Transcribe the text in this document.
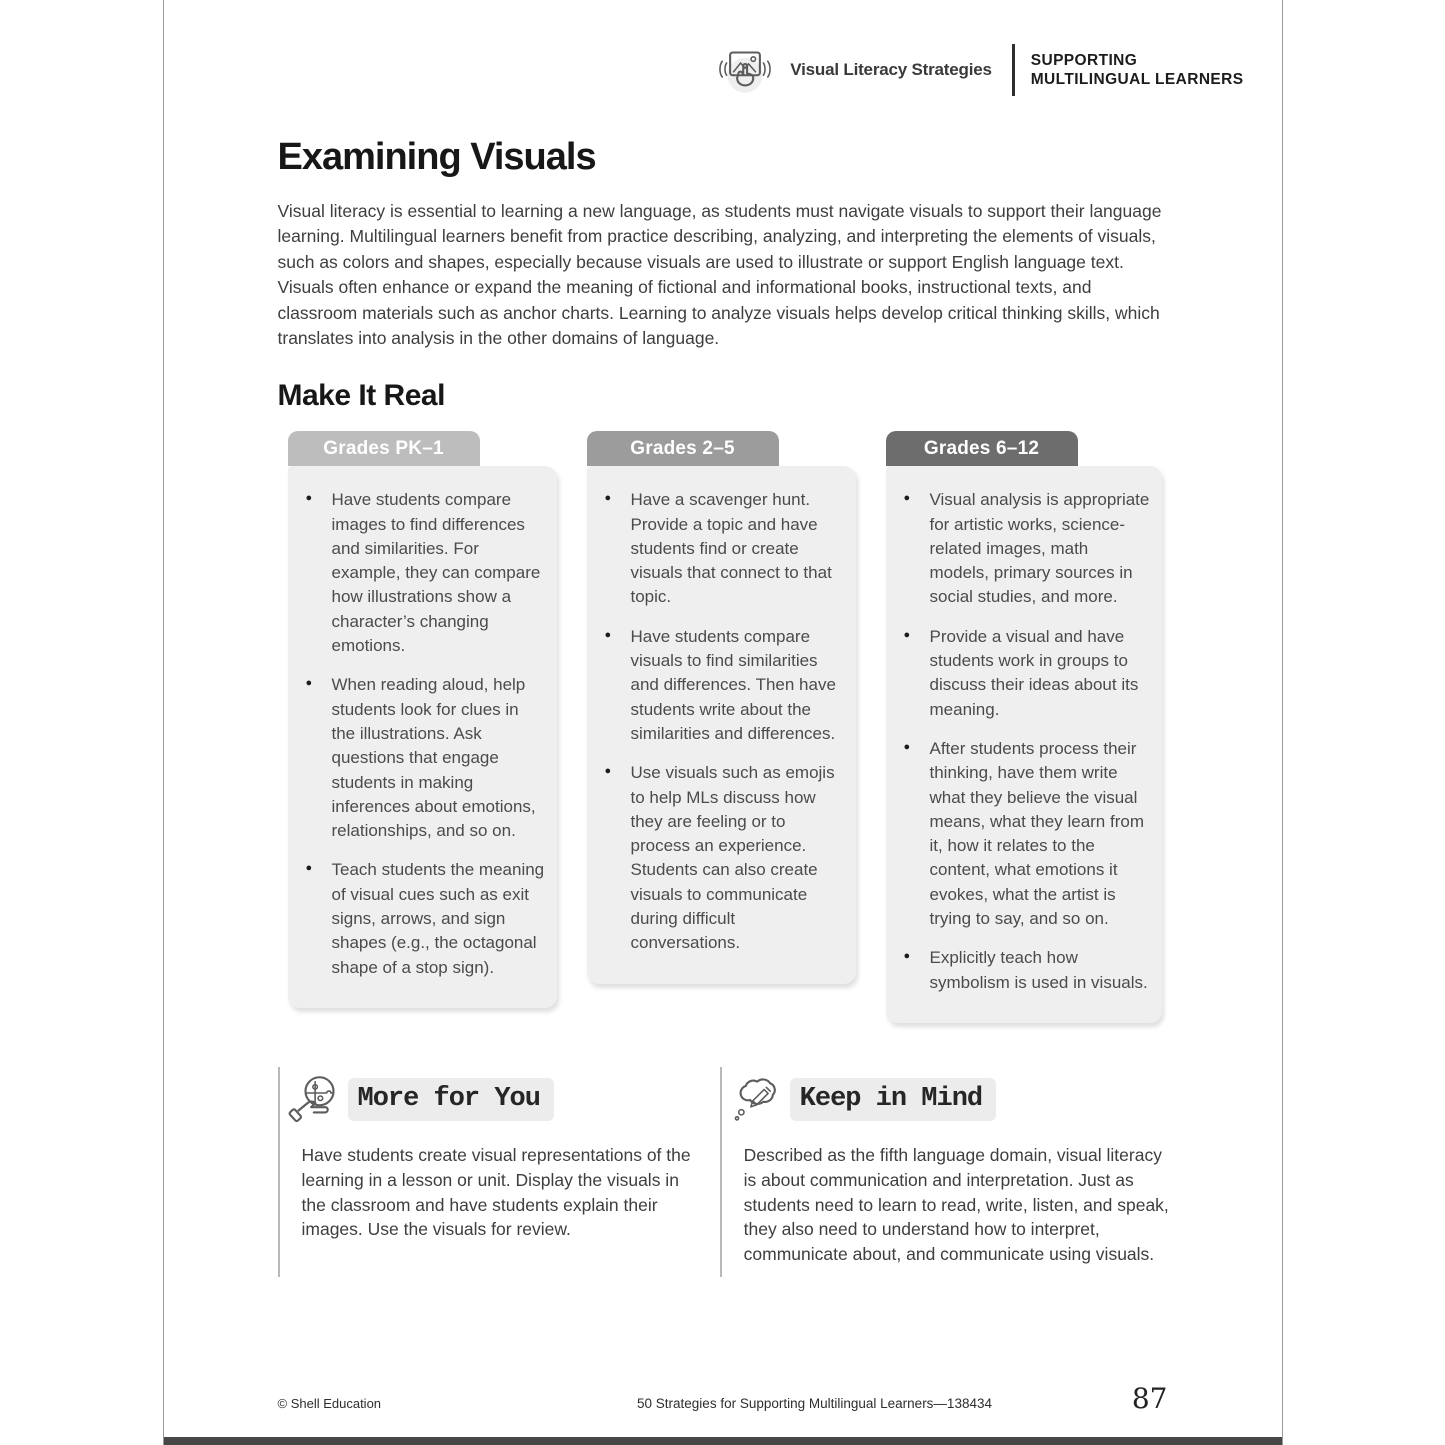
Visual Literacy Strategies	SUPPORTING
MULTILINGUAL LEARNERS
Examining Visuals

Visual literacy is essential to learning a new language, as students must navigate visuals to support their language learning. Multilingual learners benefit from practice describing, analyzing, and interpreting the elements of visuals, such as colors and shapes, especially because visuals are used to illustrate or support English language text. Visuals often enhance or expand the meaning of fictional and informational books, instructional texts, and classroom materials such as anchor charts. Learning to analyze visuals helps develop critical thinking skills, which translates into analysis in the other domains of language.

Make It Real
Grades PK–1
● Have students compare images to find differences and similarities. For example, they can compare how illustrations show a character’s changing emotions.
● When reading aloud, help students look for clues in the illustrations. Ask questions that engage students in making inferences about emotions, relationships, and so on.
● Teach students the meaning of visual cues such as exit signs, arrows, and sign shapes (e.g., the octagonal shape of a stop sign).
Grades 2–5
● Have a scavenger hunt. Provide a topic and have students find or create visuals that connect to that topic.
● Have students compare visuals to find similarities and differences. Then have students write about the similarities and differences.
● Use visuals such as emojis to help MLs discuss how they are feeling or to process an experience. Students can also create visuals to communicate during difficult conversations.
Grades 6–12
● Visual analysis is appropriate for artistic works, science-related images, math models, primary sources in social studies, and more.
● Provide a visual and have students work in groups to discuss their ideas about its meaning.
● After students process their thinking, have them write what they believe the visual means, what they learn from it, how it relates to the content, what emotions it evokes, what the artist is trying to say, and so on.
● Explicitly teach how symbolism is used in visuals.
More for You
Have students create visual representations of the learning in a lesson or unit. Display the visuals in the classroom and have students explain their images. Use the visuals for review.
Keep in Mind
Described as the fifth language domain, visual literacy is about communication and interpretation. Just as students need to learn to read, write, listen, and speak, they also need to understand how to interpret, communicate about, and communicate using visuals.
© Shell Education	50 Strategies for Supporting Multilingual Learners—138434	87
